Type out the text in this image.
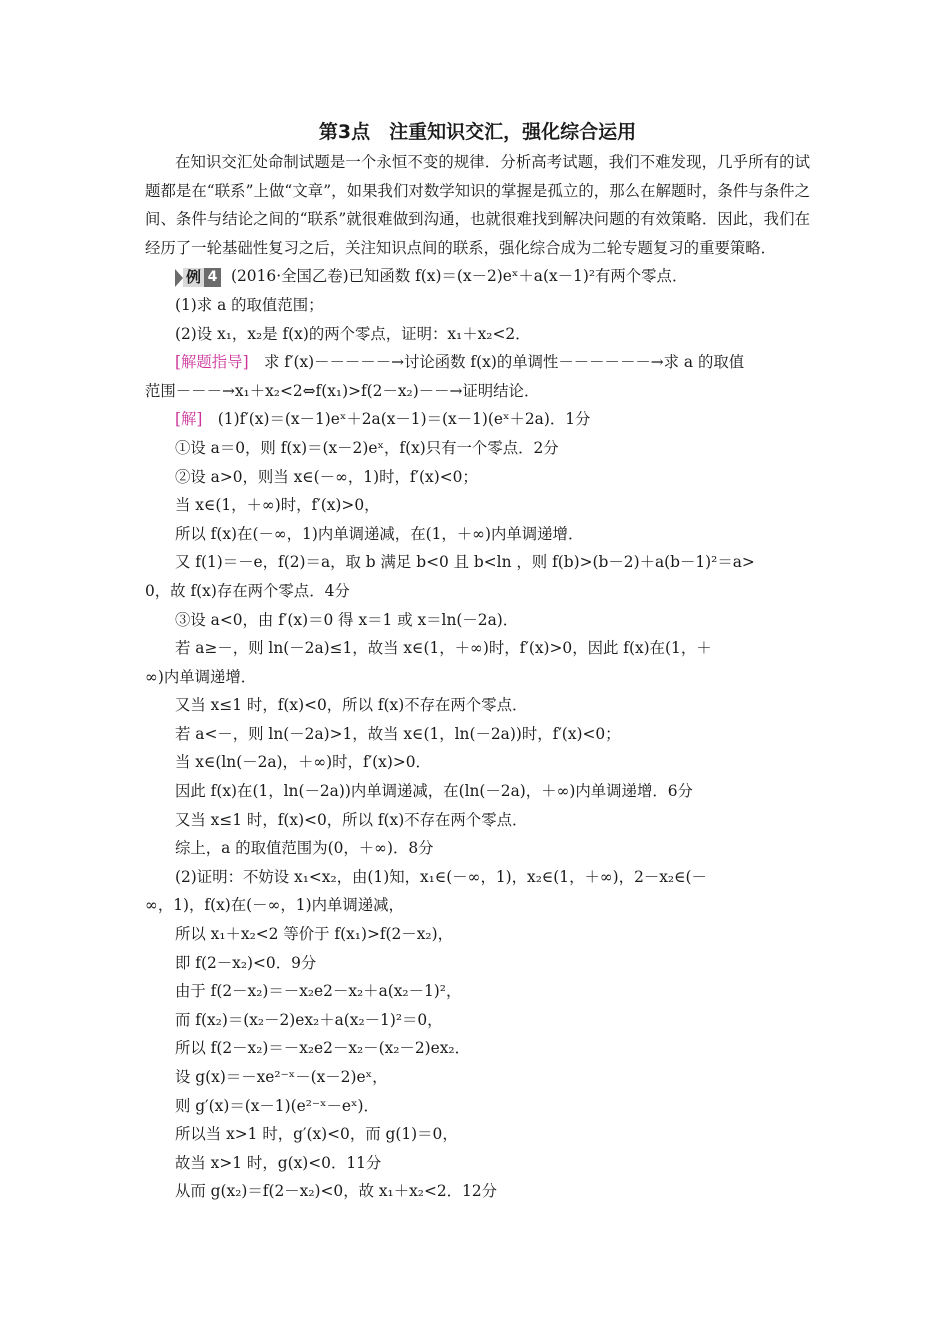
第3点　注重知识交汇，强化综合运用

在知识交汇处命制试题是一个永恒不变的规律．分析高考试题，我们不难发现，几乎所有的试题都是在“联系”上做“文章”，如果我们对数学知识的掌握是孤立的，那么在解题时，条件与条件之间、条件与结论之间的“联系”就很难做到沟通，也就很难找到解决问题的有效策略．因此，我们在经历了一轮基础性复习之后，关注知识点间的联系，强化综合成为二轮专题复习的重要策略．

例 4 (2016·全国乙卷)已知函数 f(x)＝(x－2)eˣ＋a(x－1)²有两个零点．
(1)求 a 的取值范围；
(2)设 x₁，x₂是 f(x)的两个零点，证明：x₁＋x₂<2．
[解题指导]　求 f′(x)－－－－－→讨论函数 f(x)的单调性－－－－－－→求 a 的取值
范围－－－→x₁＋x₂<2⇔f(x₁)>f(2－x₂)－－→证明结论．
[解]　(1)f′(x)＝(x－1)eˣ＋2a(x－1)＝(x－1)(eˣ＋2a)．1分
①设 a＝0，则 f(x)＝(x－2)eˣ，f(x)只有一个零点．2分
②设 a>0，则当 x∈(－∞，1)时，f′(x)<0；
当 x∈(1，＋∞)时，f′(x)>0，
所以 f(x)在(－∞，1)内单调递减，在(1，＋∞)内单调递增．
又 f(1)＝－e，f(2)＝a，取 b 满足 b<0 且 b<ln ，则 f(b)>(b－2)＋a(b－1)²＝a>
0，故 f(x)存在两个零点．4分
③设 a<0，由 f′(x)＝0 得 x＝1 或 x＝ln(－2a)．
若 a≥－，则 ln(－2a)≤1，故当 x∈(1，＋∞)时，f′(x)>0，因此 f(x)在(1，＋
∞)内单调递增．
又当 x≤1 时，f(x)<0，所以 f(x)不存在两个零点．
若 a<－，则 ln(－2a)>1，故当 x∈(1，ln(－2a))时，f′(x)<0；
当 x∈(ln(－2a)，＋∞)时，f′(x)>0．
因此 f(x)在(1，ln(－2a))内单调递减，在(ln(－2a)，＋∞)内单调递增．6分
又当 x≤1 时，f(x)<0，所以 f(x)不存在两个零点．
综上，a 的取值范围为(0，＋∞)．8分
(2)证明：不妨设 x₁<x₂，由(1)知，x₁∈(－∞，1)，x₂∈(1，＋∞)，2－x₂∈(－
∞，1)，f(x)在(－∞，1)内单调递减，
所以 x₁＋x₂<2 等价于 f(x₁)>f(2－x₂)，
即 f(2－x₂)<0．9分
由于 f(2－x₂)＝－x₂e2－x₂＋a(x₂－1)²，
而 f(x₂)＝(x₂－2)ex₂＋a(x₂－1)²＝0，
所以 f(2－x₂)＝－x₂e2－x₂－(x₂－2)ex₂．
设 g(x)＝－xe²⁻ˣ－(x－2)eˣ，
则 g′(x)＝(x－1)(e²⁻ˣ－eˣ)．
所以当 x>1 时，g′(x)<0，而 g(1)＝0，
故当 x>1 时，g(x)<0．11分
从而 g(x₂)＝f(2－x₂)<0，故 x₁＋x₂<2．12分
